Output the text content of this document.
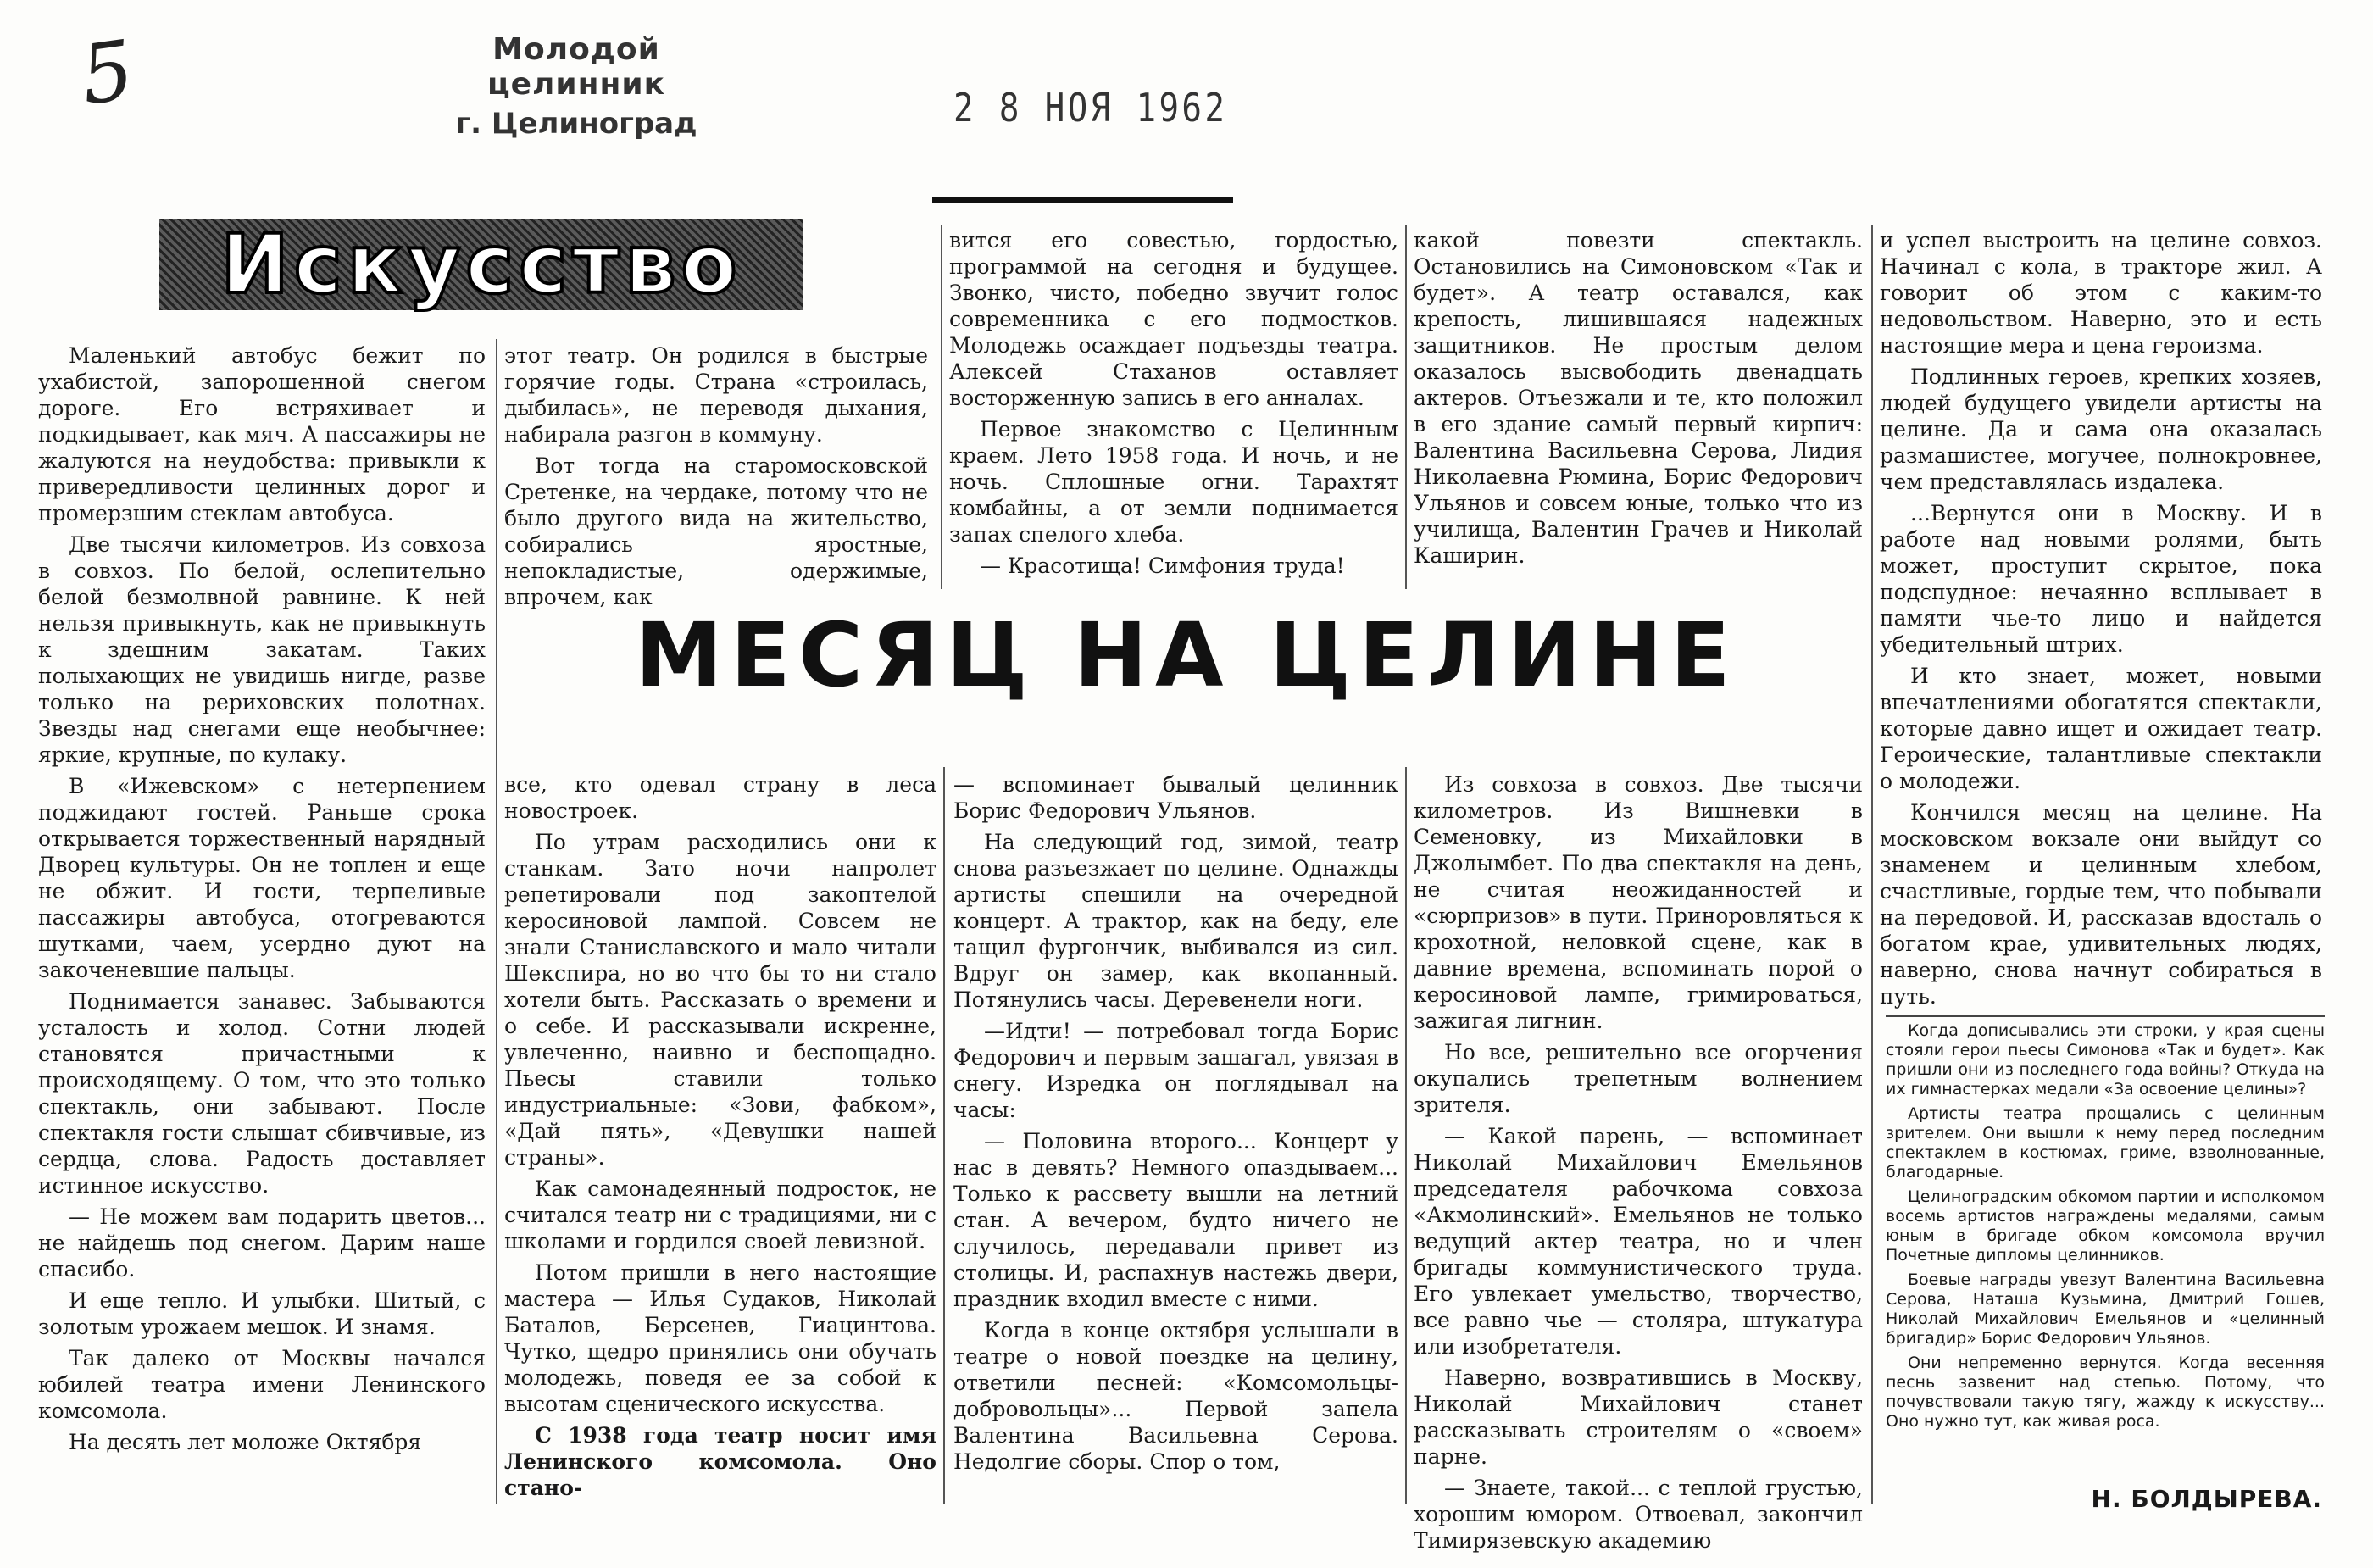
5	Молодой целинник
г. Целиноград	2 8 НОЯ 1962
Искусство
МЕСЯЦ НА ЦЕЛИНЕ

Маленький автобус бежит по ухабистой, запорошенной снегом дороге. Его встряхивает и подкидывает, как мяч. А пассажиры не жалуются на неудобства: привыкли к привередливости целинных дорог и промерзшим стеклам автобуса.

Две тысячи километров. Из совхоза в совхоз. По белой, ослепительно белой безмолвной равнине. К ней нельзя привыкнуть, как не привыкнуть к здешним закатам. Таких полыхающих не увидишь нигде, разве только на рериховских полотнах. Звезды над снегами еще необычнее: яркие, крупные, по кулаку.

В «Ижевском» с нетерпением поджидают гостей. Раньше срока открывается торжественный нарядный Дворец культуры. Он не топлен и еще не обжит. И гости, терпеливые пассажиры автобуса, отогреваются шутками, чаем, усердно дуют на закоченевшие пальцы.

Поднимается занавес. Забываются усталость и холод. Сотни людей становятся причастными к происходящему. О том, что это только спектакль, они забывают. После спектакля гости слышат сбивчивые, из сердца, слова. Радость доставляет истинное искусство.

— Не можем вам подарить цветов... не найдешь под снегом. Дарим наше спасибо.

И еще тепло. И улыбки. Шитый, с золотым урожаем мешок. И знамя.

Так далеко от Москвы начался юбилей театра имени Ленинского комсомола.

На десять лет моложе Октября

этот театр. Он родился в быстрые горячие годы. Страна «строилась, дыбилась», не переводя дыхания, набирала разгон в коммуну.

Вот тогда на старомосковской Сретенке, на чердаке, потому что не было другого вида на жительство, собирались яростные, непокладистые, одержимые, впрочем, как

вится его совестью, гордостью, программой на сегодня и будущее. Звонко, чисто, победно звучит голос современника с его подмостков. Молодежь осаждает подъезды театра. Алексей Стаханов оставляет восторженную запись в его анналах.

Первое знакомство с Целинным краем. Лето 1958 года. И ночь, и не ночь. Сплошные огни. Тарахтят комбайны, а от земли поднимается запах спелого хлеба.

— Красотища! Симфония труда!

какой повезти спектакль. Остановились на Симоновском «Так и будет». А театр оставался, как крепость, лишившаяся надежных защитников. Не простым делом оказалось высвободить двенадцать актеров. Отъезжали и те, кто положил в его здание самый первый кирпич: Валентина Васильевна Серова, Лидия Николаевна Рюмина, Борис Федорович Ульянов и совсем юные, только что из училища, Валентин Грачев и Николай Каширин.

все, кто одевал страну в леса новостроек.

По утрам расходились они к станкам. Зато ночи напролет репетировали под закоптелой керосиновой лампой. Совсем не знали Станиславского и мало читали Шекспира, но во что бы то ни стало хотели быть. Рассказать о времени и о себе. И рассказывали искренне, увлеченно, наивно и беспощадно. Пьесы ставили только индустриальные: «Зови, фабком», «Дай пять», «Девушки нашей страны».

Как самонадеянный подросток, не считался театр ни с традициями, ни с школами и гордился своей левизной.

Потом пришли в него настоящие мастера — Илья Судаков, Николай Баталов, Берсенев, Гиацинтова. Чутко, щедро принялись они обучать молодежь, поведя ее за собой к высотам сценического искусства.

С 1938 года театр носит имя Ленинского комсомола. Оно стано-

— вспоминает бывалый целинник Борис Федорович Ульянов.

На следующий год, зимой, театр снова разъезжает по целине. Однажды артисты спешили на очередной концерт. А трактор, как на беду, еле тащил фургончик, выбивался из сил. Вдруг он замер, как вкопанный. Потянулись часы. Деревенели ноги.

—Идти! — потребовал тогда Борис Федорович и первым зашагал, увязая в снегу. Изредка он поглядывал на часы:

— Половина второго... Концерт у нас в девять? Немного опаздываем... Только к рассвету вышли на летний стан. А вечером, будто ничего не случилось, передавали привет из столицы. И, распахнув настежь двери, праздник входил вместе с ними.

Когда в конце октября услышали в театре о новой поездке на целину, ответили песней: «Комсомольцы-добровольцы»... Первой запела Валентина Васильевна Серова. Недолгие сборы. Спор о том,

Из совхоза в совхоз. Две тысячи километров. Из Вишневки в Семеновку, из Михайловки в Джолымбет. По два спектакля на день, не считая неожиданностей и «сюрпризов» в пути. Приноровляться к крохотной, неловкой сцене, как в давние времена, вспоминать порой о керосиновой лампе, гримироваться, зажигая лигнин.

Но все, решительно все огорчения окупались трепетным волнением зрителя.

— Какой парень, — вспоминает Николай Михайлович Емельянов председателя рабочкома совхоза «Акмолинский». Емельянов не только ведущий актер театра, но и член бригады коммунистического труда. Его увлекает умельство, творчество, все равно чье — столяра, штукатура или изобретателя.

Наверно, возвратившись в Москву, Николай Михайлович станет рассказывать строителям о «своем» парне.

— Знаете, такой... с теплой грустью, хорошим юмором. Отвоевал, закончил Тимирязевскую академию

и успел выстроить на целине совхоз. Начинал с кола, в тракторе жил. А говорит об этом с каким-то недовольством. Наверно, это и есть настоящие мера и цена героизма.

Подлинных героев, крепких хозяев, людей будущего увидели артисты на целине. Да и сама она оказалась размашистее, могучее, полнокровнее, чем представлялась издалека.

...Вернутся они в Москву. И в работе над новыми ролями, быть может, проступит скрытое, пока подспудное: нечаянно всплывает в памяти чье-то лицо и найдется убедительный штрих.

И кто знает, может, новыми впечатлениями обогатятся спектакли, которые давно ищет и ожидает театр. Героические, талантливые спектакли о молодежи.

Кончился месяц на целине. На московском вокзале они выйдут со знаменем и целинным хлебом, счастливые, гордые тем, что побывали на передовой. И, рассказав вдосталь о богатом крае, удивительных людях, наверно, снова начнут собираться в путь.

Когда дописывались эти строки, у края сцены стояли герои пьесы Симонова «Так и будет». Как пришли они из последнего года войны? Откуда на их гимнастерках медали «За освоение целины»?

Артисты театра прощались с целинным зрителем. Они вышли к нему перед последним спектаклем в костюмах, гриме, взволнованные, благодарные.

Целиноградским обкомом партии и исполкомом восемь артистов награждены медалями, самым юным в бригаде обком комсомола вручил Почетные дипломы целинников.

Боевые награды увезут Валентина Васильевна Серова, Наташа Кузьмина, Дмитрий Гошев, Николай Михайлович Емельянов и «целинный бригадир» Борис Федорович Ульянов.

Они непременно вернутся. Когда весенняя песнь зазвенит над степью. Потому, что почувствовали такую тягу, жажду к искусству... Оно нужно тут, как живая роса.

Н. БОЛДЫРЕВА.
